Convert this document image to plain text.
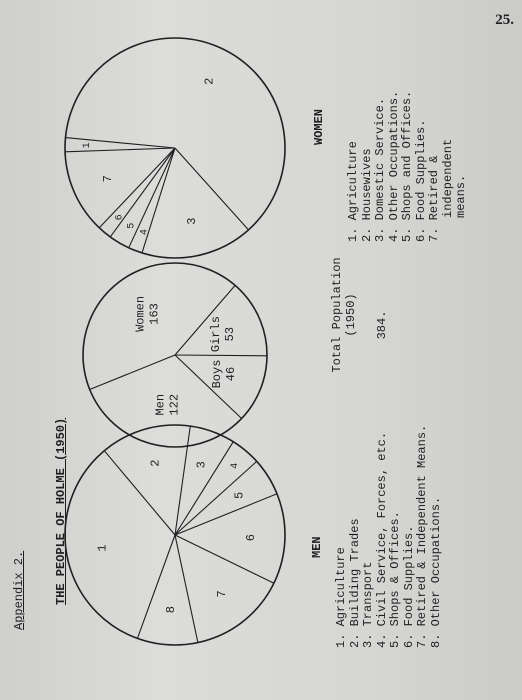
25.
Appendix 2. THE PEOPLE OF HOLME (1950) 1
2	3 4
5
6
7
8
Women 163
Girls 53
Boys 46
Men 122
1
2
3
4
5
6
7
MEN 1. Agriculture 2. Building Trades 3. Transport 4. Civil Service, Forces, etc. 5. Shops & Offices. 6. Food Supplies. 7. Retired & Independent Means. 8. Other Occupations.
Total Population (1950) 384.
WOMEN
1. Agriculture 2. Housewives 3. Domestic Service. 4. Other Occupations. 5. Shops and Offices. 6. Food Supplies. 7. Retired & independent means.
